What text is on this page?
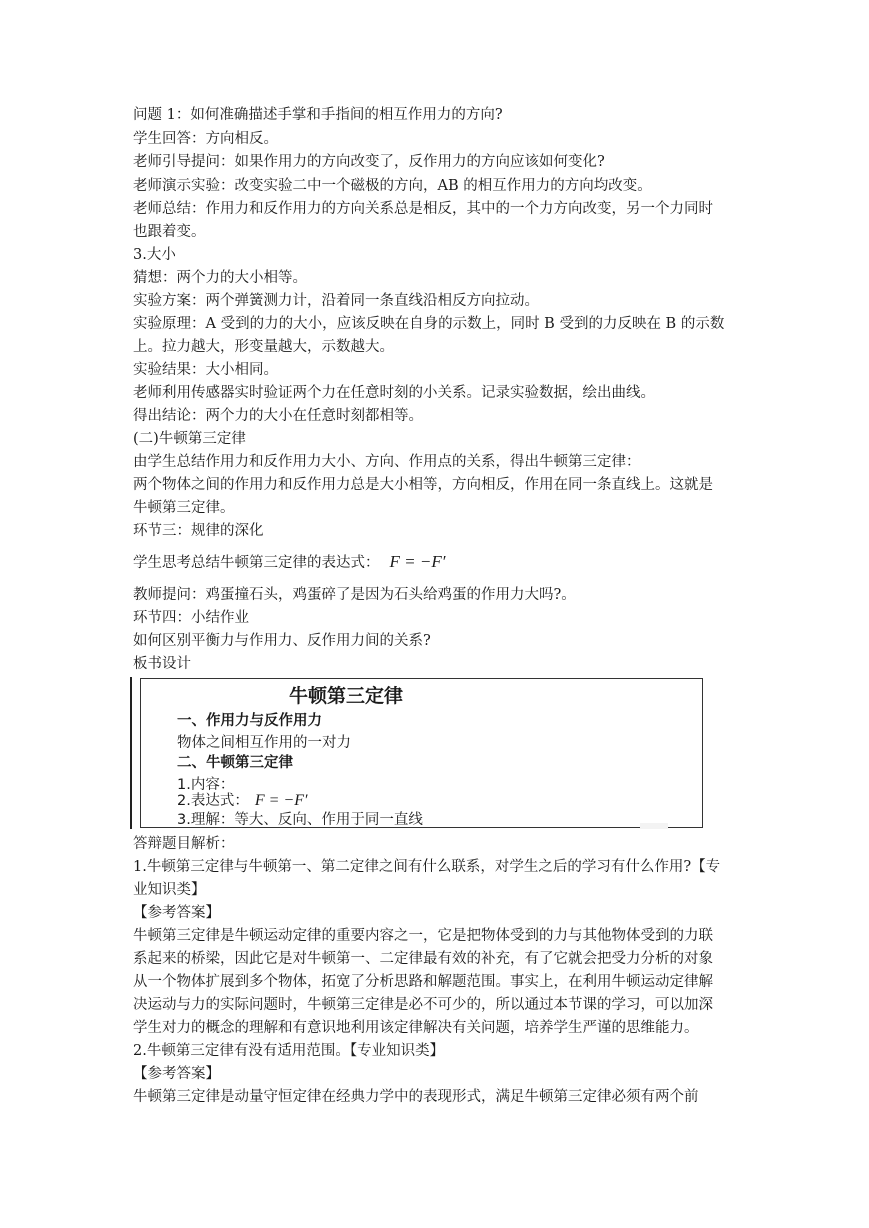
问题 1：如何准确描述手掌和手指间的相互作用力的方向?
学生回答：方向相反。
老师引导提问：如果作用力的方向改变了，反作用力的方向应该如何变化?
老师演示实验：改变实验二中一个磁极的方向，AB 的相互作用力的方向均改变。
老师总结：作用力和反作用力的方向关系总是相反，其中的一个力方向改变，另一个力同时
也跟着变。
3.大小
猜想：两个力的大小相等。
实验方案：两个弹簧测力计，沿着同一条直线沿相反方向拉动。
实验原理：A 受到的力的大小，应该反映在自身的示数上，同时 B 受到的力反映在 B 的示数
上。拉力越大，形变量越大，示数越大。
实验结果：大小相同。
老师利用传感器实时验证两个力在任意时刻的小关系。记录实验数据，绘出曲线。
得出结论：两个力的大小在任意时刻都相等。
(二)牛顿第三定律
由学生总结作用力和反作用力大小、方向、作用点的关系，得出牛顿第三定律：
两个物体之间的作用力和反作用力总是大小相等，方向相反，作用在同一条直线上。这就是
牛顿第三定律。
环节三：规律的深化
学生思考总结牛顿第三定律的表达式： F = −F′
教师提问：鸡蛋撞石头，鸡蛋碎了是因为石头给鸡蛋的作用力大吗?。
环节四：小结作业
如何区别平衡力与作用力、反作用力间的关系?
板书设计
牛顿第三定律
一、作用力与反作用力
物体之间相互作用的一对力
二、牛顿第三定律
1.内容：
2.表达式： F = −F′
3.理解：等大、反向、作用于同一直线
答辩题目解析：
1.牛顿第三定律与牛顿第一、第二定律之间有什么联系，对学生之后的学习有什么作用?【专
业知识类】
【参考答案】
牛顿第三定律是牛顿运动定律的重要内容之一，它是把物体受到的力与其他物体受到的力联
系起来的桥梁，因此它是对牛顿第一、二定律最有效的补充，有了它就会把受力分析的对象
从一个物体扩展到多个物体，拓宽了分析思路和解题范围。事实上，在利用牛顿运动定律解
决运动与力的实际问题时，牛顿第三定律是必不可少的，所以通过本节课的学习，可以加深
学生对力的概念的理解和有意识地利用该定律解决有关问题，培养学生严谨的思维能力。
2.牛顿第三定律有没有适用范围。【专业知识类】
【参考答案】
牛顿第三定律是动量守恒定律在经典力学中的表现形式，满足牛顿第三定律必须有两个前
